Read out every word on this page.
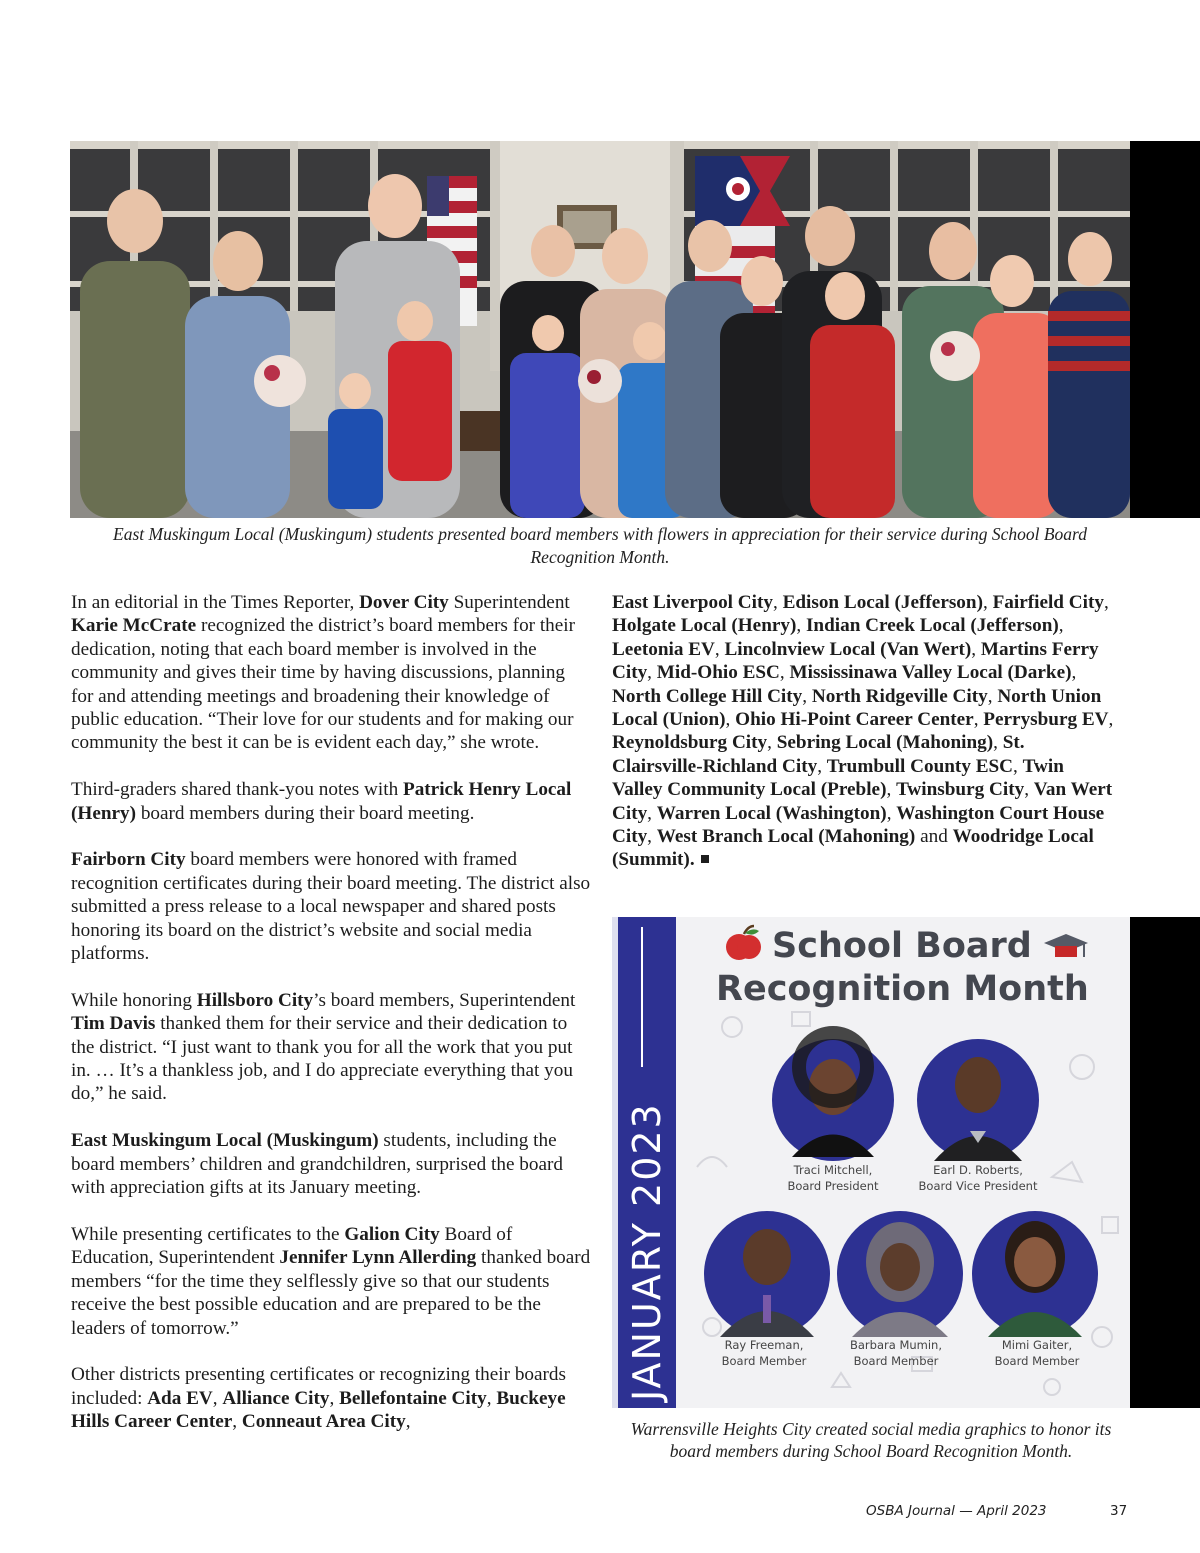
East Muskingum Local (Muskingum) students presented board members with flowers in appreciation for their service during School Board Recognition Month.

In an editorial in the Times Reporter, Dover City Superintendent Karie McCrate recognized the district’s board members for their dedication, noting that each board member is involved in the community and gives their time by having discussions, planning for and attending meetings and broadening their knowledge of public education. “Their love for our students and for making our community the best it can be is evident each day,” she wrote.

Third-graders shared thank-you notes with Patrick Henry Local (Henry) board members during their board meeting.

Fairborn City board members were honored with framed recognition certificates during their board meeting. The district also submitted a press release to a local newspaper and shared posts honoring its board on the district’s website and social media platforms.

While honoring Hillsboro City’s board members, Superintendent Tim Davis thanked them for their service and their dedication to the district. “I just want to thank you for all the work that you put in. … It’s a thankless job, and I do appreciate everything that you do,” he said.

East Muskingum Local (Muskingum) students, including the board members’ children and grandchildren, surprised the board with appreciation gifts at its January meeting.

While presenting certificates to the Galion City Board of Education, Superintendent Jennifer Lynn Allerding thanked board members “for the time they selflessly give so that our students receive the best possible education and are prepared to be the leaders of tomorrow.”

Other districts presenting certificates or recognizing their boards included: Ada EV, Alliance City, Bellefontaine City, Buckeye Hills Career Center, Conneaut Area City,

East Liverpool City, Edison Local (Jefferson), Fairfield City, Holgate Local (Henry), Indian Creek Local (Jefferson), Leetonia EV, Lincolnview Local (Van Wert), Martins Ferry City, Mid-Ohio ESC, Mississinawa Valley Local (Darke), North College Hill City, North Ridgeville City, North Union Local (Union), Ohio Hi-Point Career Center, Perrysburg EV, Reynoldsburg City, Sebring Local (Mahoning), St. Clairsville-Richland City, Trumbull County ESC, Twin Valley Community Local (Preble), Twinsburg City, Van Wert City, Warren Local (Washington), Washington Court House City, West Branch Local (Mahoning) and Woodridge Local (Summit).

JANUARY 2023
School Board
Recognition Month
Traci Mitchell,
Board President
Earl D. Roberts,
Board Vice President
Ray Freeman,
Board Member
Barbara Mumin,
Board Member
Mimi Gaiter,
Board Member
Warrensville Heights City created social media graphics to honor its board members during School Board Recognition Month.
OSBA Journal — April 2023	37
